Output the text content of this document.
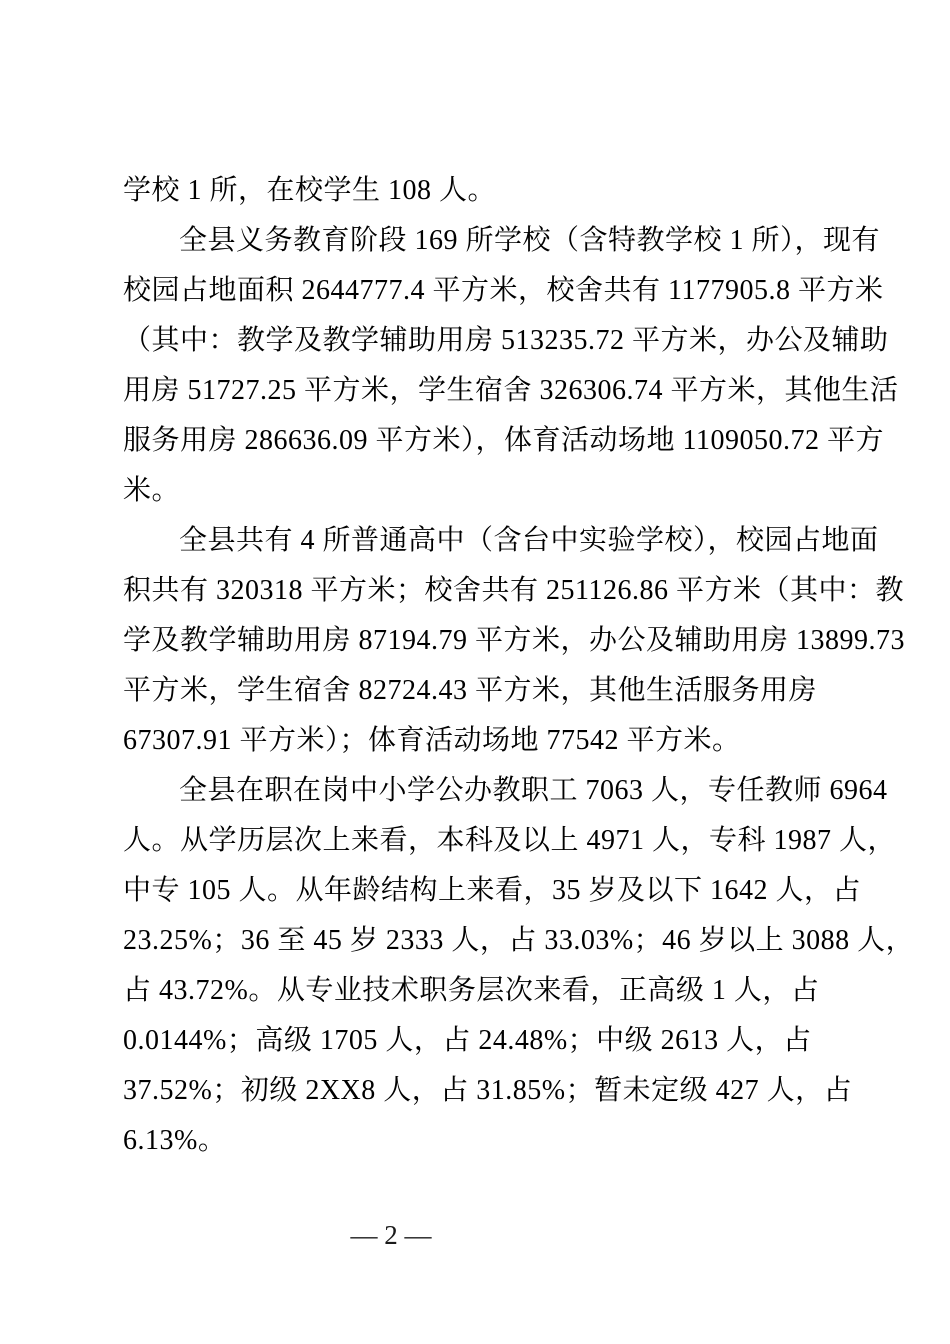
学校 1 所，在校学生 108 人。
全县义务教育阶段 169 所学校（含特教学校 1 所），现有
校园占地面积 2644777.4 平方米，校舍共有 1177905.8 平方米
（其中：教学及教学辅助用房 513235.72 平方米，办公及辅助
用房 51727.25 平方米，学生宿舍 326306.74 平方米，其他生活
服务用房 286636.09 平方米），体育活动场地 1109050.72 平方
米。
全县共有 4 所普通高中（含台中实验学校），校园占地面
积共有 320318 平方米；校舍共有 251126.86 平方米（其中：教
学及教学辅助用房 87194.79 平方米，办公及辅助用房 13899.73
平方米，学生宿舍 82724.43 平方米，其他生活服务用房
67307.91 平方米）；体育活动场地 77542 平方米。
全县在职在岗中小学公办教职工 7063 人，专任教师 6964
人。从学历层次上来看，本科及以上 4971 人，专科 1987 人，
中专 105 人。从年龄结构上来看，35 岁及以下 1642 人，占
23.25%；36 至 45 岁 2333 人，占 33.03%；46 岁以上 3088 人，
占 43.72%。从专业技术职务层次来看，正高级 1 人，占
0.0144%；高级 1705 人，占 24.48%；中级 2613 人，占
37.52%；初级 2XX8 人，占 31.85%；暂未定级 427 人，占
6.13%。
— 2 —
